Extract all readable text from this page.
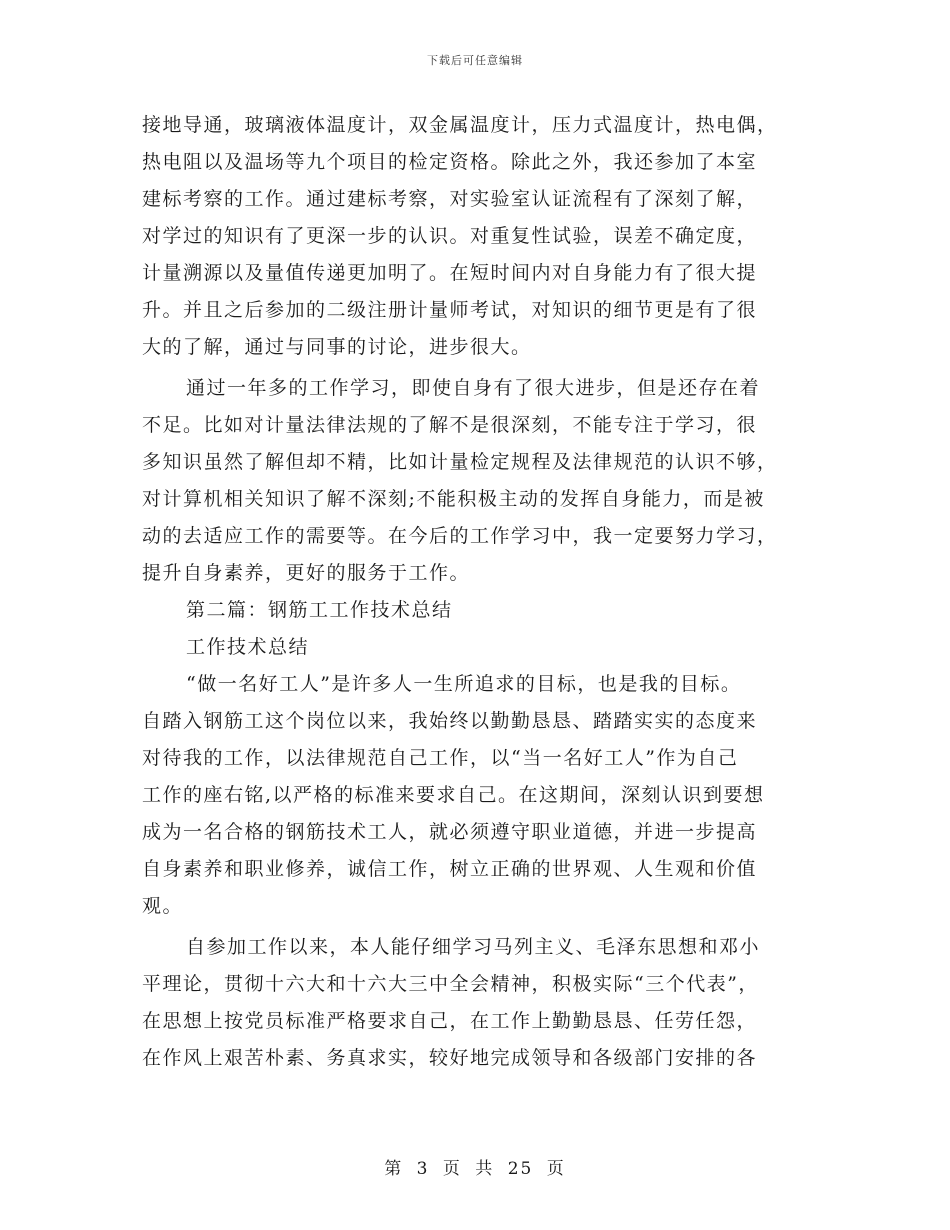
下载后可任意编辑
接地导通，玻璃液体温度计，双金属温度计，压力式温度计，热电偶，
热电阻以及温场等九个项目的检定资格。除此之外，我还参加了本室
建标考察的工作。通过建标考察，对实验室认证流程有了深刻了解，
对学过的知识有了更深一步的认识。对重复性试验，误差不确定度，
计量溯源以及量值传递更加明了。在短时间内对自身能力有了很大提
升。并且之后参加的二级注册计量师考试，对知识的细节更是有了很
大的了解，通过与同事的讨论，进步很大。
通过一年多的工作学习，即使自身有了很大进步，但是还存在着
不足。比如对计量法律法规的了解不是很深刻，不能专注于学习，很
多知识虽然了解但却不精，比如计量检定规程及法律规范的认识不够，
对计算机相关知识了解不深刻;不能积极主动的发挥自身能力，而是被
动的去适应工作的需要等。在今后的工作学习中，我一定要努力学习，
提升自身素养，更好的服务于工作。
第二篇：钢筋工工作技术总结
工作技术总结
“做一名好工人”是许多人一生所追求的目标，也是我的目标。
自踏入钢筋工这个岗位以来，我始终以勤勤恳恳、踏踏实实的态度来
对待我的工作，以法律规范自己工作，以“当一名好工人”作为自己
工作的座右铭,以严格的标准来要求自己。在这期间，深刻认识到要想
成为一名合格的钢筋技术工人，就必须遵守职业道德，并进一步提高
自身素养和职业修养，诚信工作，树立正确的世界观、人生观和价值
观。
自参加工作以来，本人能仔细学习马列主义、毛泽东思想和邓小
平理论，贯彻十六大和十六大三中全会精神，积极实际“三个代表”，
在思想上按党员标准严格要求自己，在工作上勤勤恳恳、任劳任怨，
在作风上艰苦朴素、务真求实，较好地完成领导和各级部门安排的各
第 3 页 共 25 页
